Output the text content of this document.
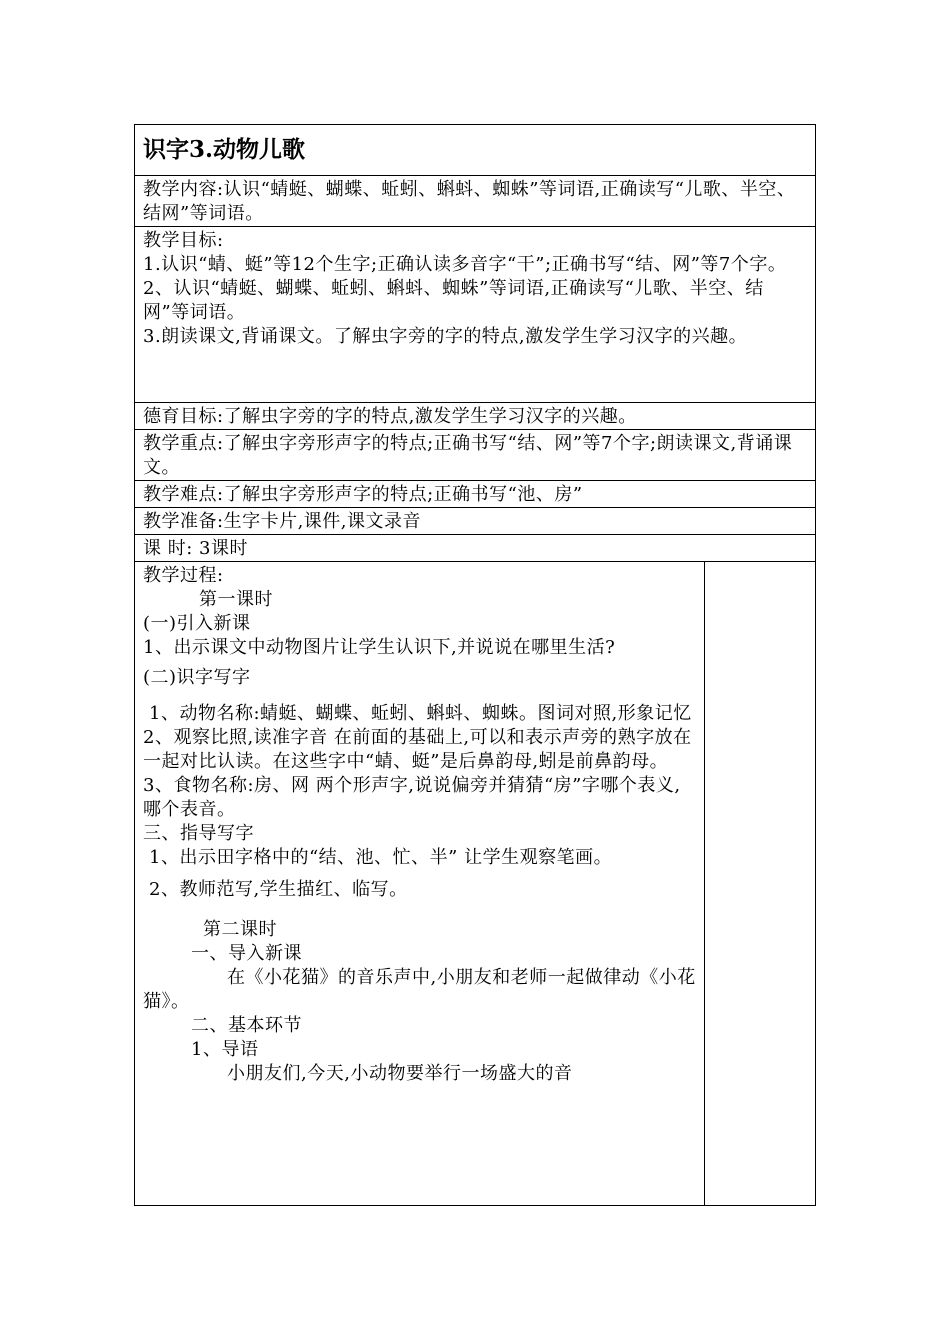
识字3.动物儿歌
教学内容:认识“蜻蜓、蝴蝶、蚯蚓、蝌蚪、蜘蛛”等词语,正确读写“儿歌、半空、结网”等词语。
教学目标:
1.认识“蜻、蜓”等12个生字;正确认读多音字“干”;正确书写“结、网”等7个字。
2、认识“蜻蜓、蝴蝶、蚯蚓、蝌蚪、蜘蛛”等词语,正确读写“儿歌、半空、结网”等词语。
3.朗读课文,背诵课文。了解虫字旁的字的特点,激发学生学习汉字的兴趣。
德育目标:了解虫字旁的字的特点,激发学生学习汉字的兴趣。
教学重点:了解虫字旁形声字的特点;正确书写“结、网”等7个字;朗读课文,背诵课文。
教学难点:了解虫字旁形声字的特点;正确书写“池、房”
教学准备:生字卡片,课件,课文录音
课 时: 3课时
教学过程:
第一课时
(一)引入新课
1、出示课文中动物图片让学生认识下,并说说在哪里生活?
(二)识字写字
1、动物名称:蜻蜓、蝴蝶、蚯蚓、蝌蚪、蜘蛛。图词对照,形象记忆
2、观察比照,读准字音 在前面的基础上,可以和表示声旁的熟字放在一起对比认读。在这些字中“蜻、蜓”是后鼻韵母,蚓是前鼻韵母。
3、食物名称:房、网 两个形声字,说说偏旁并猜猜“房”字哪个表义,哪个表音。
三、指导写字
1、出示田字格中的“结、池、忙、半” 让学生观察笔画。
2、教师范写,学生描红、临写。
第二课时
一、导入新课
在《小花猫》的音乐声中,小朋友和老师一起做律动《小花猫》。
二、基本环节
1、导语
小朋友们,今天,小动物要举行一场盛大的音
